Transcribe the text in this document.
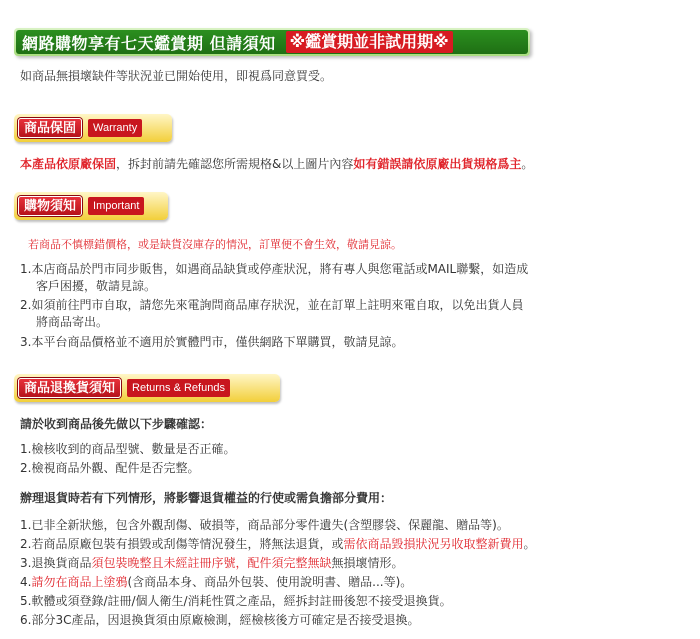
網路購物享有七天鑑賞期 但請須知 ※鑑賞期並非試用期※
如商品無損壞缺件等狀況並已開始使用，即視爲同意買受。
商品保固	Warranty
本產品依原廠保固，拆封前請先確認您所需規格&以上圖片內容如有錯誤請依原廠出貨規格爲主。
購物須知	Important
若商品不慎標錯價格，或是缺貨沒庫存的情況，訂單便不會生效，敬請見諒。
1.本店商品於門市同步販售，如遇商品缺貨或停產狀況，將有專人與您電話或MAIL聯繫，如造成
客戶困擾，敬請見諒。
2.如須前往門市自取，請您先來電詢問商品庫存狀況，並在訂單上註明來電自取，以免出貨人員
將商品寄出。
3.本平台商品價格並不適用於實體門市，僅供網路下單購買，敬請見諒。
商品退換貨須知	Returns & Refunds
請於收到商品後先做以下步驟確認：
1.檢核收到的商品型號、數量是否正確。
2.檢視商品外觀、配件是否完整。
辦理退貨時若有下列情形，將影響退貨權益的行使或需負擔部分費用：
1.已非全新狀態，包含外觀刮傷、破損等，商品部分零件遺失(含塑膠袋、保麗龍、贈品等)。
2.若商品原廠包裝有損毀或刮傷等情況發生，將無法退貨，或需依商品毀損狀況另收取整新費用。
3.退換貨商品須包裝晚整且未經註冊序號，配件須完整無缺無損壞情形。
4.請勿在商品上塗鴉(含商品本身、商品外包裝、使用說明書、贈品...等)。
5.軟體或須登錄/註冊/個人衛生/消耗性質之產品，經拆封註冊後恕不接受退換貨。
6.部分3C產品，因退換貨須由原廠檢測，經檢核後方可確定是否接受退換。
